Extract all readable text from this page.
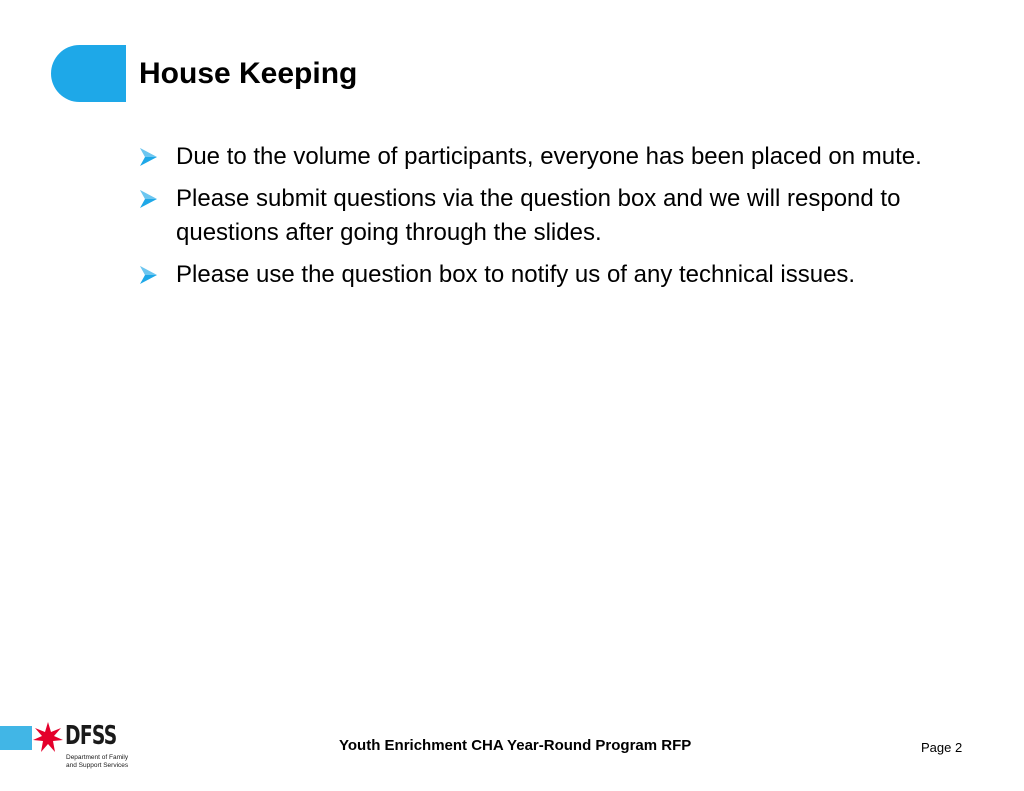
House Keeping
Due to the volume of participants, everyone has been placed on mute.
Please submit questions via the question box and we will respond to questions after going through the slides.
Please use the question box to notify us of any technical issues.
DFSS
Department of Family
and Support Services
Youth Enrichment CHA Year-Round Program RFP	Page 2
